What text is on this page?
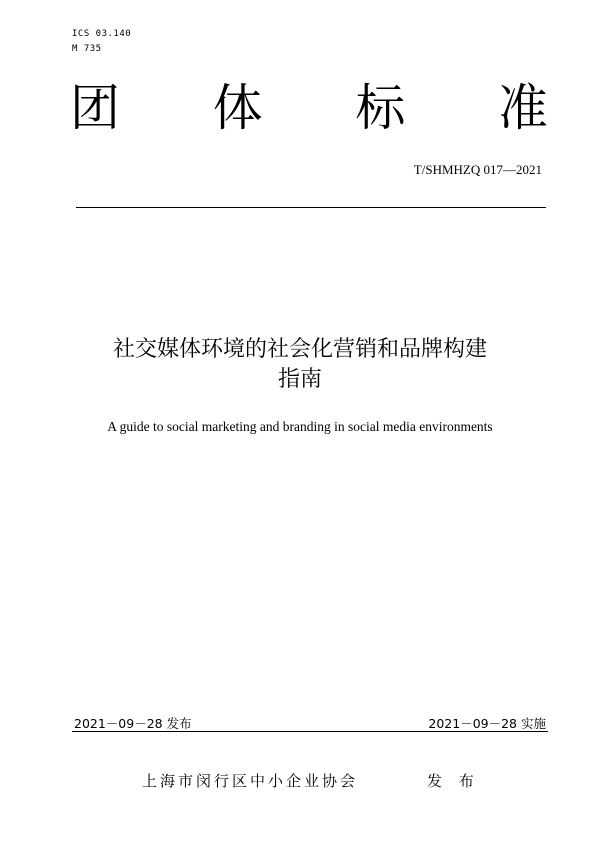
ICS 03.140
M 735
团 体 标 准
T/SHMHZQ 017—2021
社交媒体环境的社会化营销和品牌构建
指南
A guide to social marketing and branding in social media environments
2021－09－28 发布	2021－09－28 实施
上海市闵行区中小企业协会	发 布
